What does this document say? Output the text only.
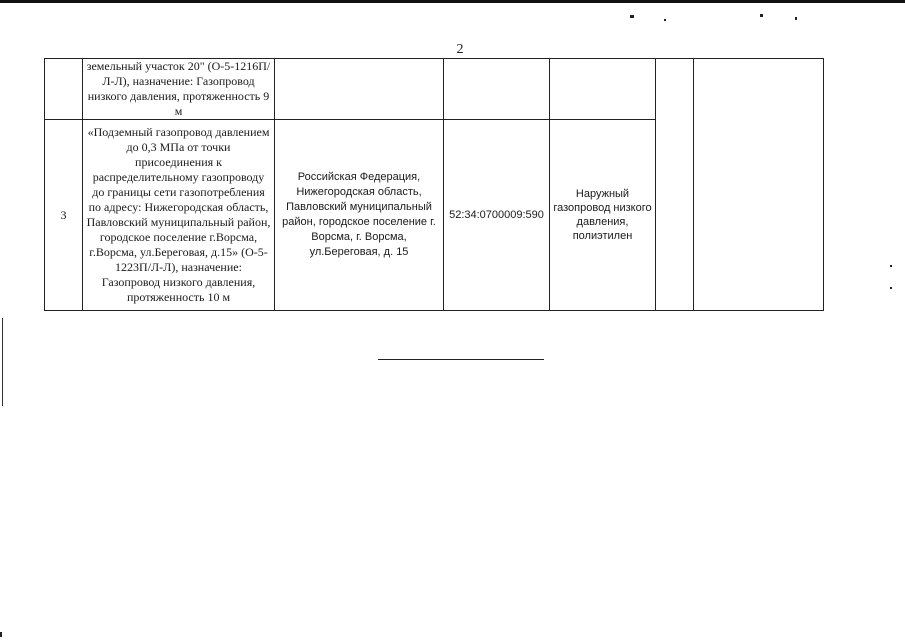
2

	земельный участок 20" (О-5-1216П/Л-Л), назначение: Газопровод низкого давления, протяженность 9 м				

3	«Подземный газопровод давлением до 0,3 МПа от точки присоединения к распределительному газопроводу до границы сети газопотребления по адресу: Нижегородская область, Павловский муниципальный район, городское поселение г.Ворсма, г.Ворсма, ул.Береговая, д.15» (О-5-1223П/Л-Л), назначение: Газопровод низкого давления, протяженность 10 м	Российская Федерация, Нижегородская область, Павловский муниципальный район, городское поселение г. Ворсма, г. Ворсма, ул.Береговая, д. 15	52:34:0700009:590	Наружный газопровод низкого давления, полиэтилен	
